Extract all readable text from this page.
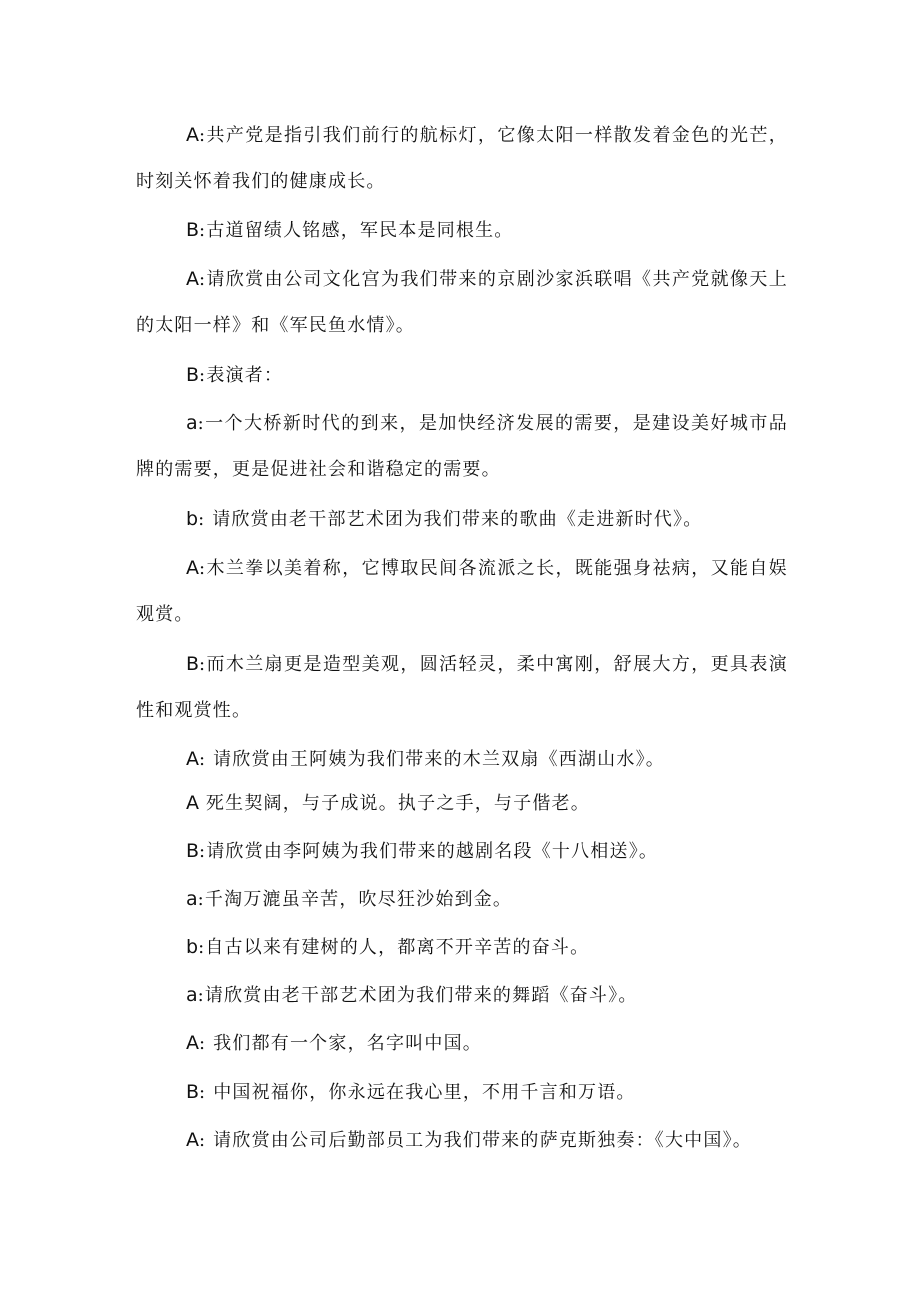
A:共产党是指引我们前行的航标灯，它像太阳一样散发着金色的光芒，时刻关怀着我们的健康成长。

B:古道留绩人铭感，军民本是同根生。

A:请欣赏由公司文化宫为我们带来的京剧沙家浜联唱《共产党就像天上的太阳一样》和《军民鱼水情》。

B:表演者：

a:一个大桥新时代的到来，是加快经济发展的需要，是建设美好城市品牌的需要，更是促进社会和谐稳定的需要。

b: 请欣赏由老干部艺术团为我们带来的歌曲《走进新时代》。

A:木兰拳以美着称，它博取民间各流派之长，既能强身祛病，又能自娱观赏。

B:而木兰扇更是造型美观，圆活轻灵，柔中寓刚，舒展大方，更具表演性和观赏性。

A: 请欣赏由王阿姨为我们带来的木兰双扇《西湖山水》。

A 死生契阔，与子成说。执子之手，与子偕老。

B:请欣赏由李阿姨为我们带来的越剧名段《十八相送》。

a:千淘万漉虽辛苦，吹尽狂沙始到金。

b:自古以来有建树的人，都离不开辛苦的奋斗。

a:请欣赏由老干部艺术团为我们带来的舞蹈《奋斗》。

A: 我们都有一个家，名字叫中国。

B: 中国祝福你，你永远在我心里，不用千言和万语。

A: 请欣赏由公司后勤部员工为我们带来的萨克斯独奏：《大中国》。
